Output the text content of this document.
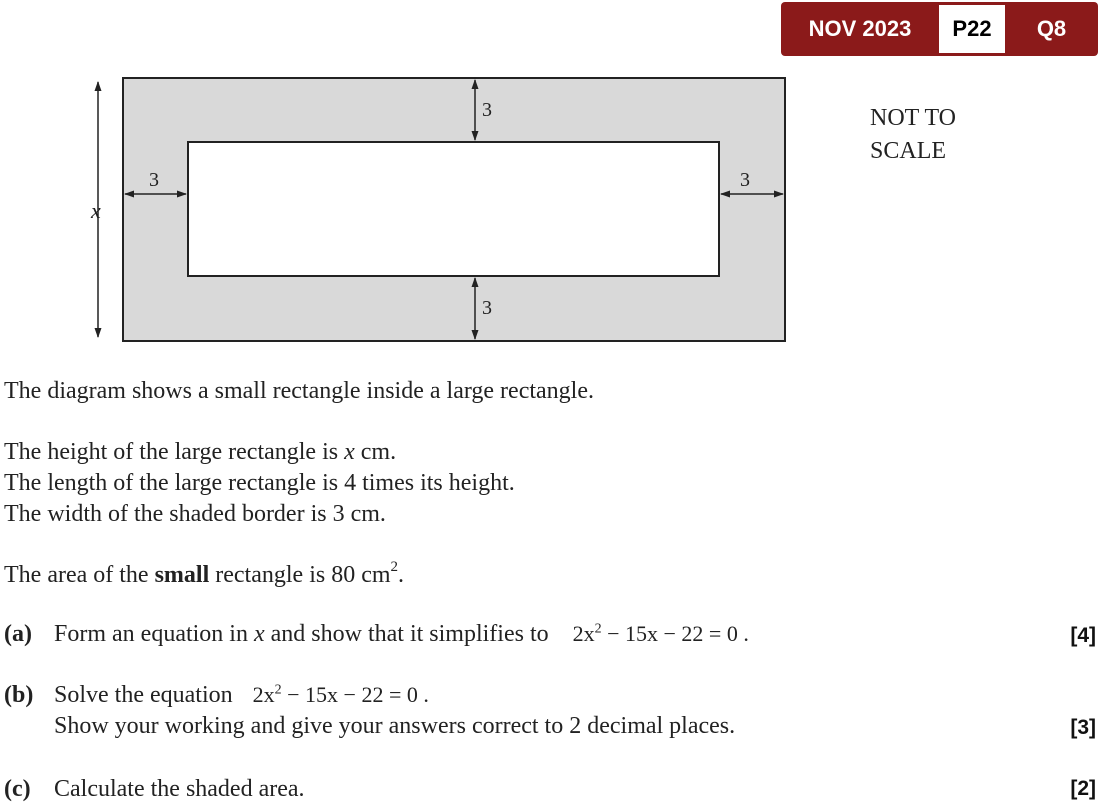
NOV 2023	P22	Q8
x
3
3
3	3
NOT TO
SCALE
The diagram shows a small rectangle inside a large rectangle.
The height of the large rectangle is x cm.
The length of the large rectangle is 4 times its height.
The width of the shaded border is 3 cm.
The area of the small rectangle is 80 $cm^2$.
(a) Form an equation in x and show that it simplifies to $2x^2 - 15x - 22 = 0$ .	[4]
(b) Solve the equation $2x^2 - 15x - 22 = 0$ .
Show your working and give your answers correct to 2 decimal places.	[3]
(c) Calculate the shaded area.	[2]
